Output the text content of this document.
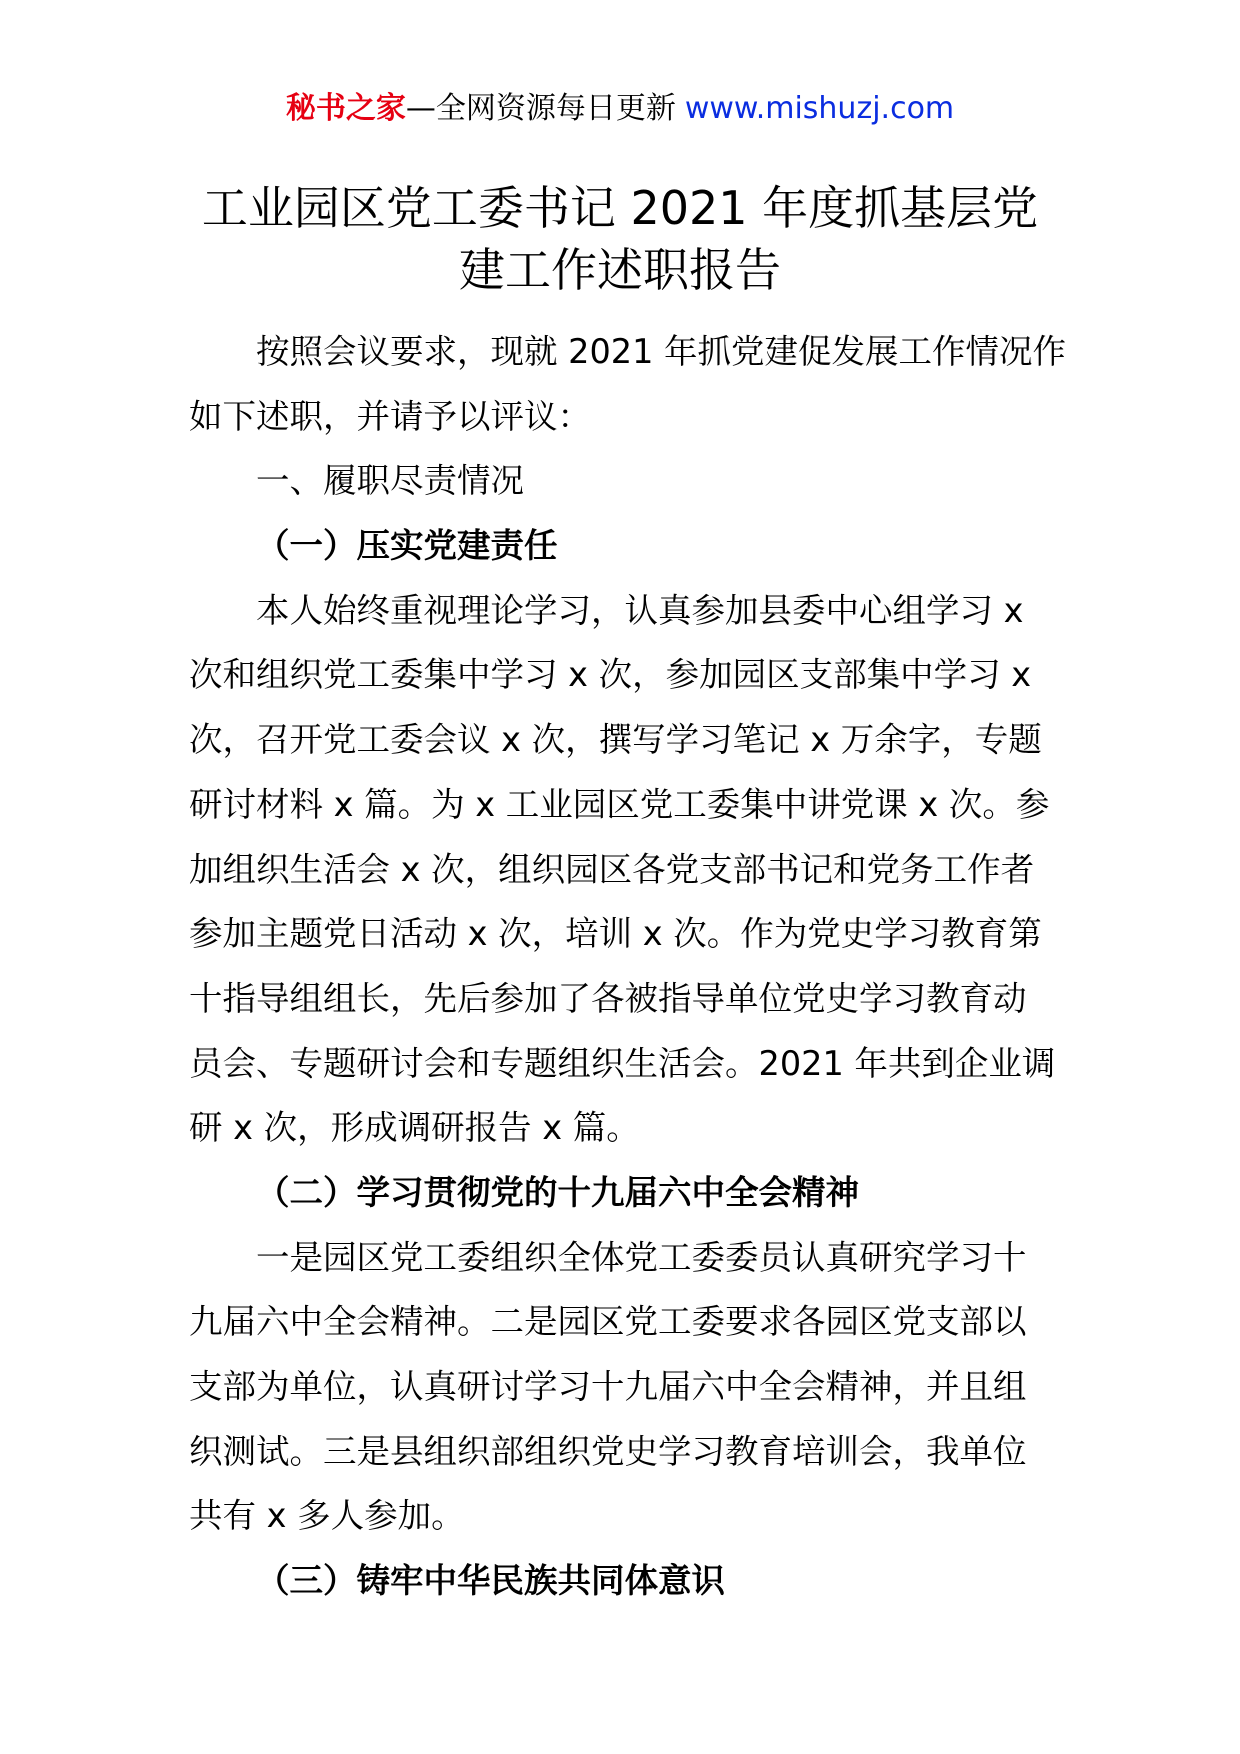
秘书之家—全网资源每日更新 www.mishuzj.com
工业园区党工委书记 2021 年度抓基层党
建工作述职报告
按照会议要求，现就 2021 年抓党建促发展工作情况作
如下述职，并请予以评议：
一、履职尽责情况
（一）压实党建责任
本人始终重视理论学习，认真参加县委中心组学习 x
次和组织党工委集中学习 x 次，参加园区支部集中学习 x
次，召开党工委会议 x 次，撰写学习笔记 x 万余字，专题
研讨材料 x 篇。为 x 工业园区党工委集中讲党课 x 次。参
加组织生活会 x 次，组织园区各党支部书记和党务工作者
参加主题党日活动 x 次，培训 x 次。作为党史学习教育第
十指导组组长，先后参加了各被指导单位党史学习教育动
员会、专题研讨会和专题组织生活会。2021 年共到企业调
研 x 次，形成调研报告 x 篇。
（二）学习贯彻党的十九届六中全会精神
一是园区党工委组织全体党工委委员认真研究学习十
九届六中全会精神。二是园区党工委要求各园区党支部以
支部为单位，认真研讨学习十九届六中全会精神，并且组
织测试。三是县组织部组织党史学习教育培训会，我单位
共有 x 多人参加。
（三）铸牢中华民族共同体意识
